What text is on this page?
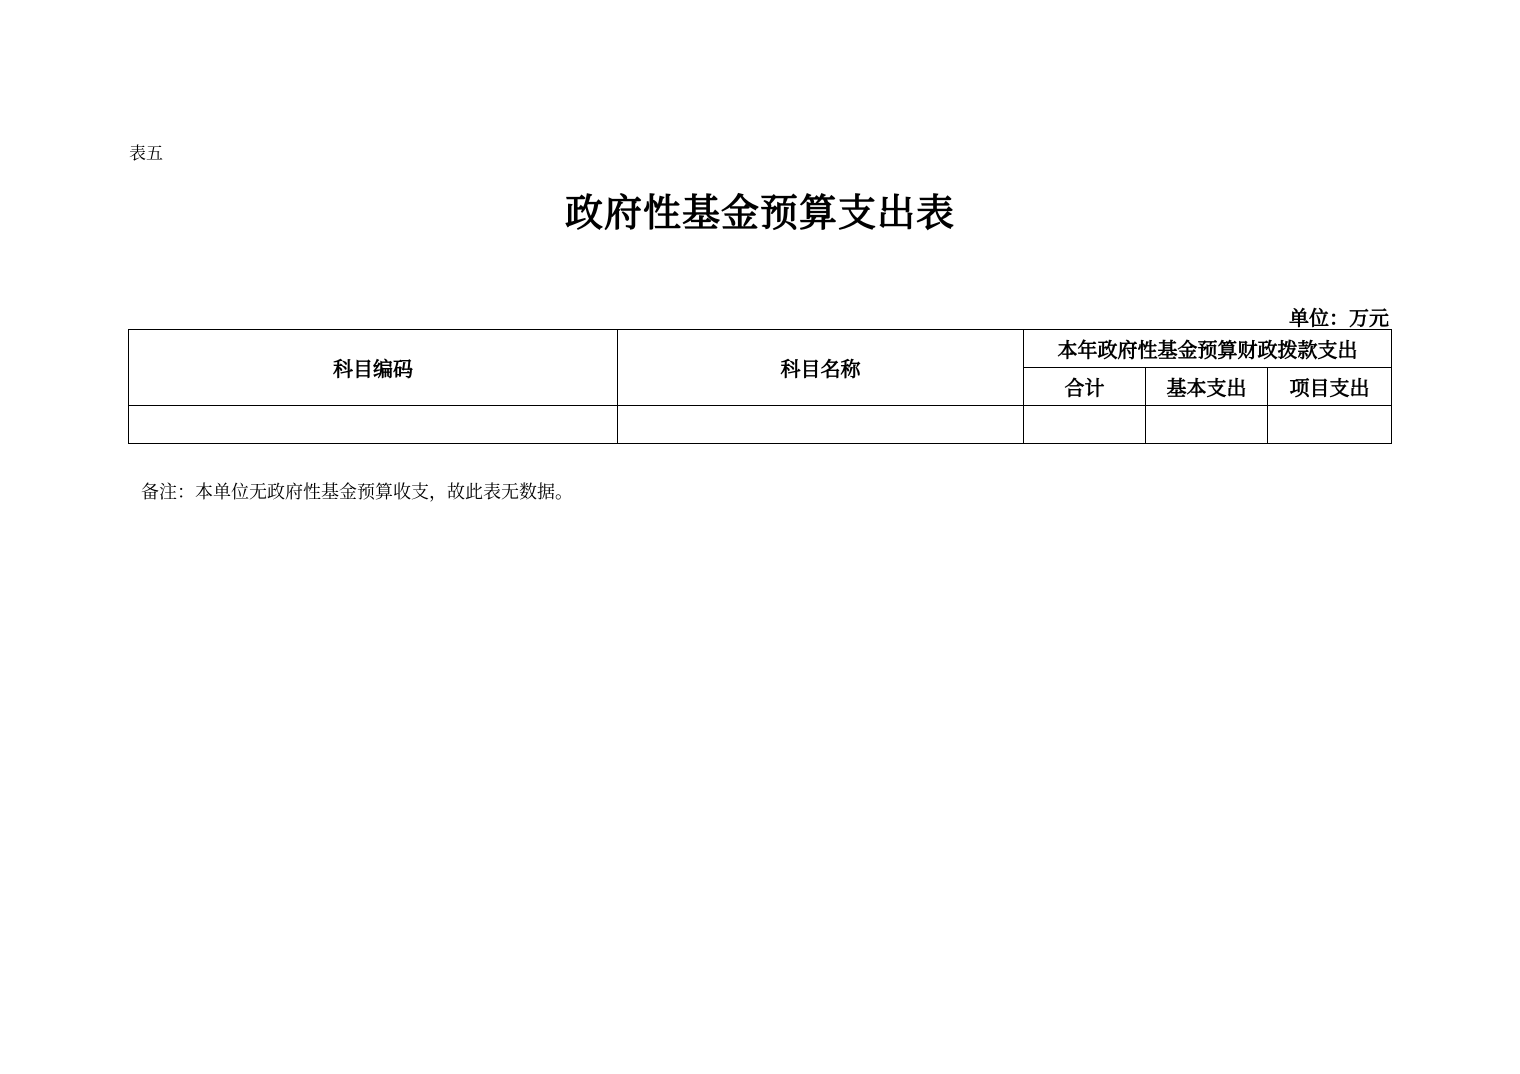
表五
政府性基金预算支出表
单位：万元
科目编码	科目名称	本年政府性基金预算财政拨款支出		
		合计	基本支出	项目支出

备注：本单位无政府性基金预算收支，故此表无数据。
